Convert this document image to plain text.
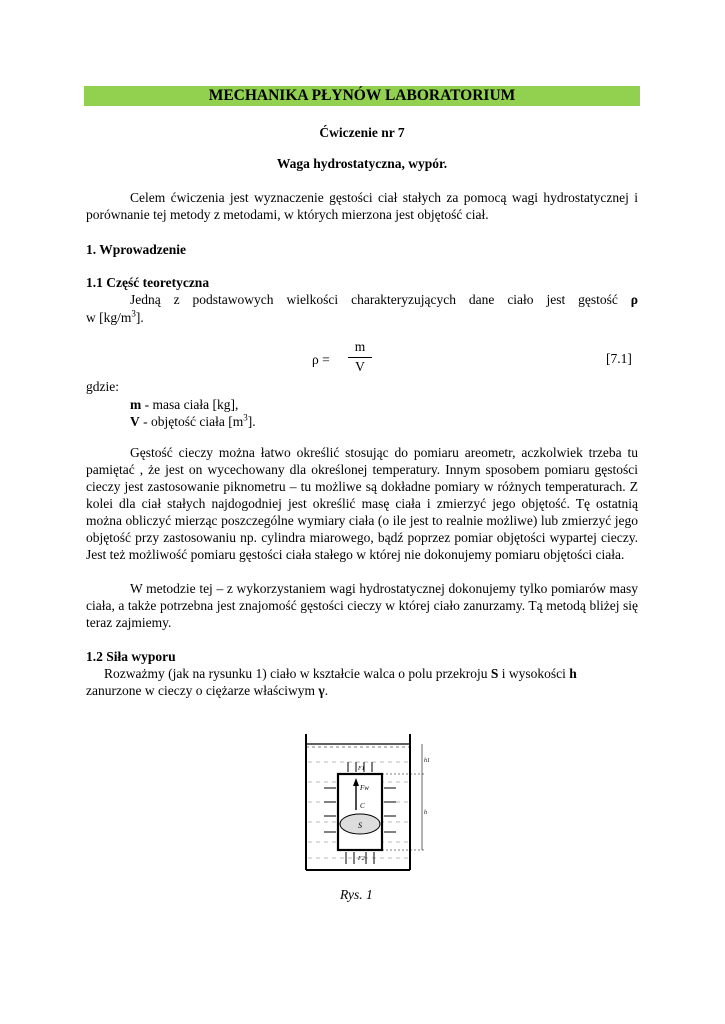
MECHANIKA PŁYNÓW LABORATORIUM
Ćwiczenie nr 7
Waga hydrostatyczna, wypór.
Celem ćwiczenia jest wyznaczenie gęstości ciał stałych za pomocą wagi hydrostatycznej i porównanie tej metody z metodami, w których mierzona jest objętość ciał.
1. Wprowadzenie
1.1 Część teoretyczna
Jedną z podstawowych wielkości charakteryzujących dane ciało jest gęstość ρ
w $[kg/m^3]$.
ρ =
m
V
[7.1]
gdzie:
m - masa ciała [kg],
V - objętość ciała $[m^3]$.
Gęstość cieczy można łatwo określić stosując do pomiaru areometr, aczkolwiek trzeba tu pamiętać , że jest on wycechowany dla określonej temperatury. Innym sposobem pomiaru gęstości cieczy jest zastosowanie piknometru – tu możliwe są dokładne pomiary w różnych temperaturach. Z kolei dla ciał stałych najdogodniej jest określić masę ciała i zmierzyć jego objętość. Tę ostatnią można obliczyć mierząc poszczególne wymiary ciała (o ile jest to realnie możliwe) lub zmierzyć jego objętość przy zastosowaniu np. cylindra miarowego, bądź poprzez pomiar objętości wypartej cieczy. Jest też możliwość pomiaru gęstości ciała stałego w której nie dokonujemy pomiaru objętości ciała.
W metodzie tej – z wykorzystaniem wagi hydrostatycznej dokonujemy tylko pomiarów masy ciała, a także potrzebna jest znajomość gęstości cieczy w której ciało zanurzamy. Tą metodą bliżej się teraz zajmiemy.
1.2 Siła wyporu
Rozważmy (jak na rysunku 1) ciało w kształcie walca o polu przekroju S i wysokości h
zanurzone w cieczy o ciężarze właściwym γ.
S
Fw
C
F1
F2
h1
h
Rys. 1
